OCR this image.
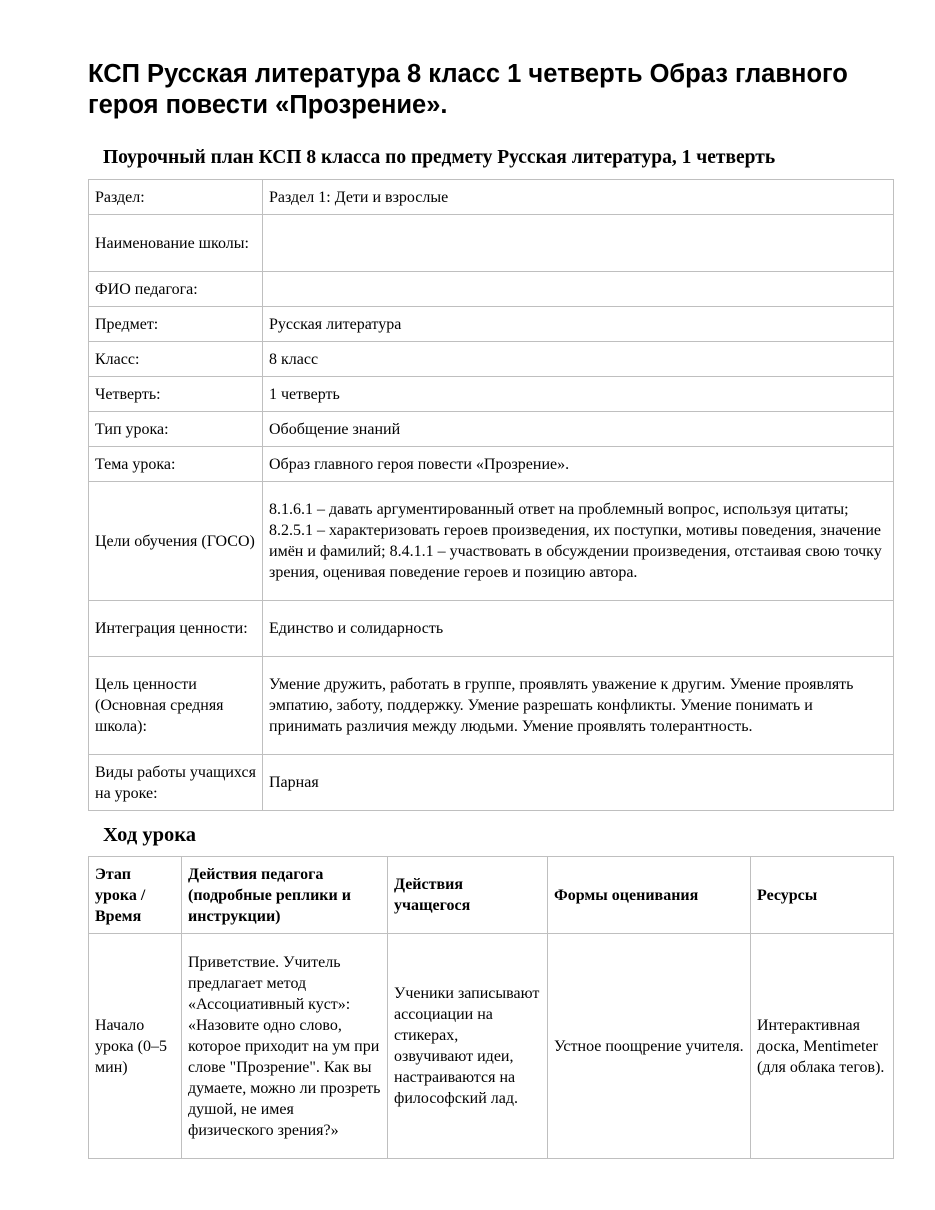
КСП Русская литература 8 класс 1 четверть Образ главного героя повести «Прозрение».
Поурочный план КСП 8 класса по предмету Русская литература, 1 четверть
Раздел:	Раздел 1: Дети и взрослые
Наименование школы:	
ФИО педагога:	
Предмет:	Русская литература
Класс:	8 класс
Четверть:	1 четверть
Тип урока:	Обобщение знаний
Тема урока:	Образ главного героя повести «Прозрение».
Цели обучения (ГОСО)	8.1.6.1 – давать аргументированный ответ на проблемный вопрос, используя цитаты; 8.2.5.1 – характеризовать героев произведения, их поступки, мотивы поведения, значение имён и фамилий; 8.4.1.1 – участвовать в обсуждении произведения, отстаивая свою точку зрения, оценивая поведение героев и позицию автора.
Интеграция ценности:	Единство и солидарность
Цель ценности (Основная средняя школа):	Умение дружить, работать в группе, проявлять уважение к другим. Умение проявлять эмпатию, заботу, поддержку. Умение разрешать конфликты. Умение понимать и принимать различия между людьми. Умение проявлять толерантность.
Виды работы учащихся на уроке:	Парная
Ход урока
Этап урока / Время	Действия педагога (подробные реплики и инструкции)	Действия учащегося	Формы оценивания	Ресурсы
Начало урока (0–5 мин)	Приветствие. Учитель предлагает метод «Ассоциативный куст»: «Назовите одно слово, которое приходит на ум при слове "Прозрение". Как вы думаете, можно ли прозреть душой, не имея физического зрения?»	Ученики записывают ассоциации на стикерах, озвучивают идеи, настраиваются на философский лад.	Устное поощрение учителя.	Интерактивная доска, Mentimeter (для облака тегов).
